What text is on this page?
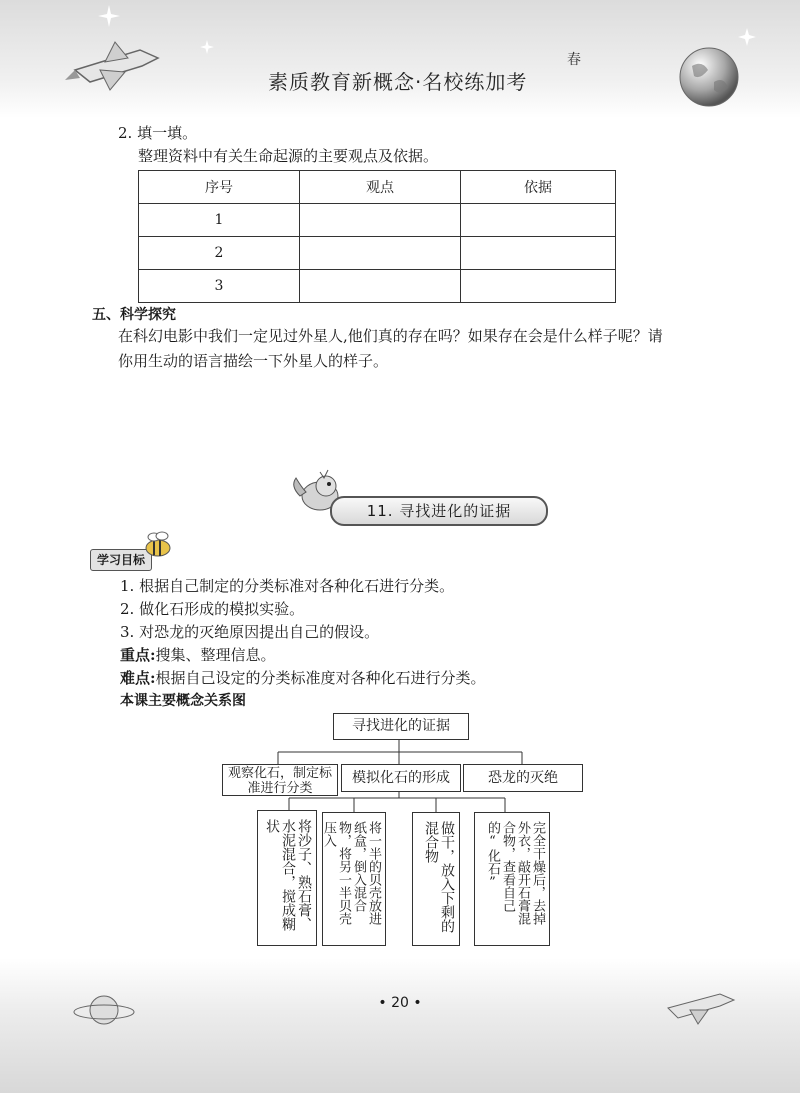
素质教育新概念·名校练加考
春
2. 填一填。
整理资料中有关生命起源的主要观点及依据。
序号	观点	依据
1		
2		
3		
五、科学探究
在科幻电影中我们一定见过外星人,他们真的存在吗？如果存在会是什么样子呢？请
你用生动的语言描绘一下外星人的样子。
11. 寻找进化的证据
学习目标
1. 根据自己制定的分类标准对各种化石进行分类。
2. 做化石形成的模拟实验。
3. 对恐龙的灭绝原因提出自己的假设。
重点:搜集、整理信息。
难点:根据自己设定的分类标准度对各种化石进行分类。
本课主要概念关系图
寻找进化的证据
观察化石，制定标准进行分类
模拟化石的形成	恐龙的灭绝
将沙子、熟石膏、水泥混合，搅成糊状	将一半的贝壳放进纸盒，倒入混合物，将另一半贝壳压入	做干，放入下剩的混合物	完全干燥后，去掉外衣，敲开石膏混合物，查看自己的“化石”
• 20 •
